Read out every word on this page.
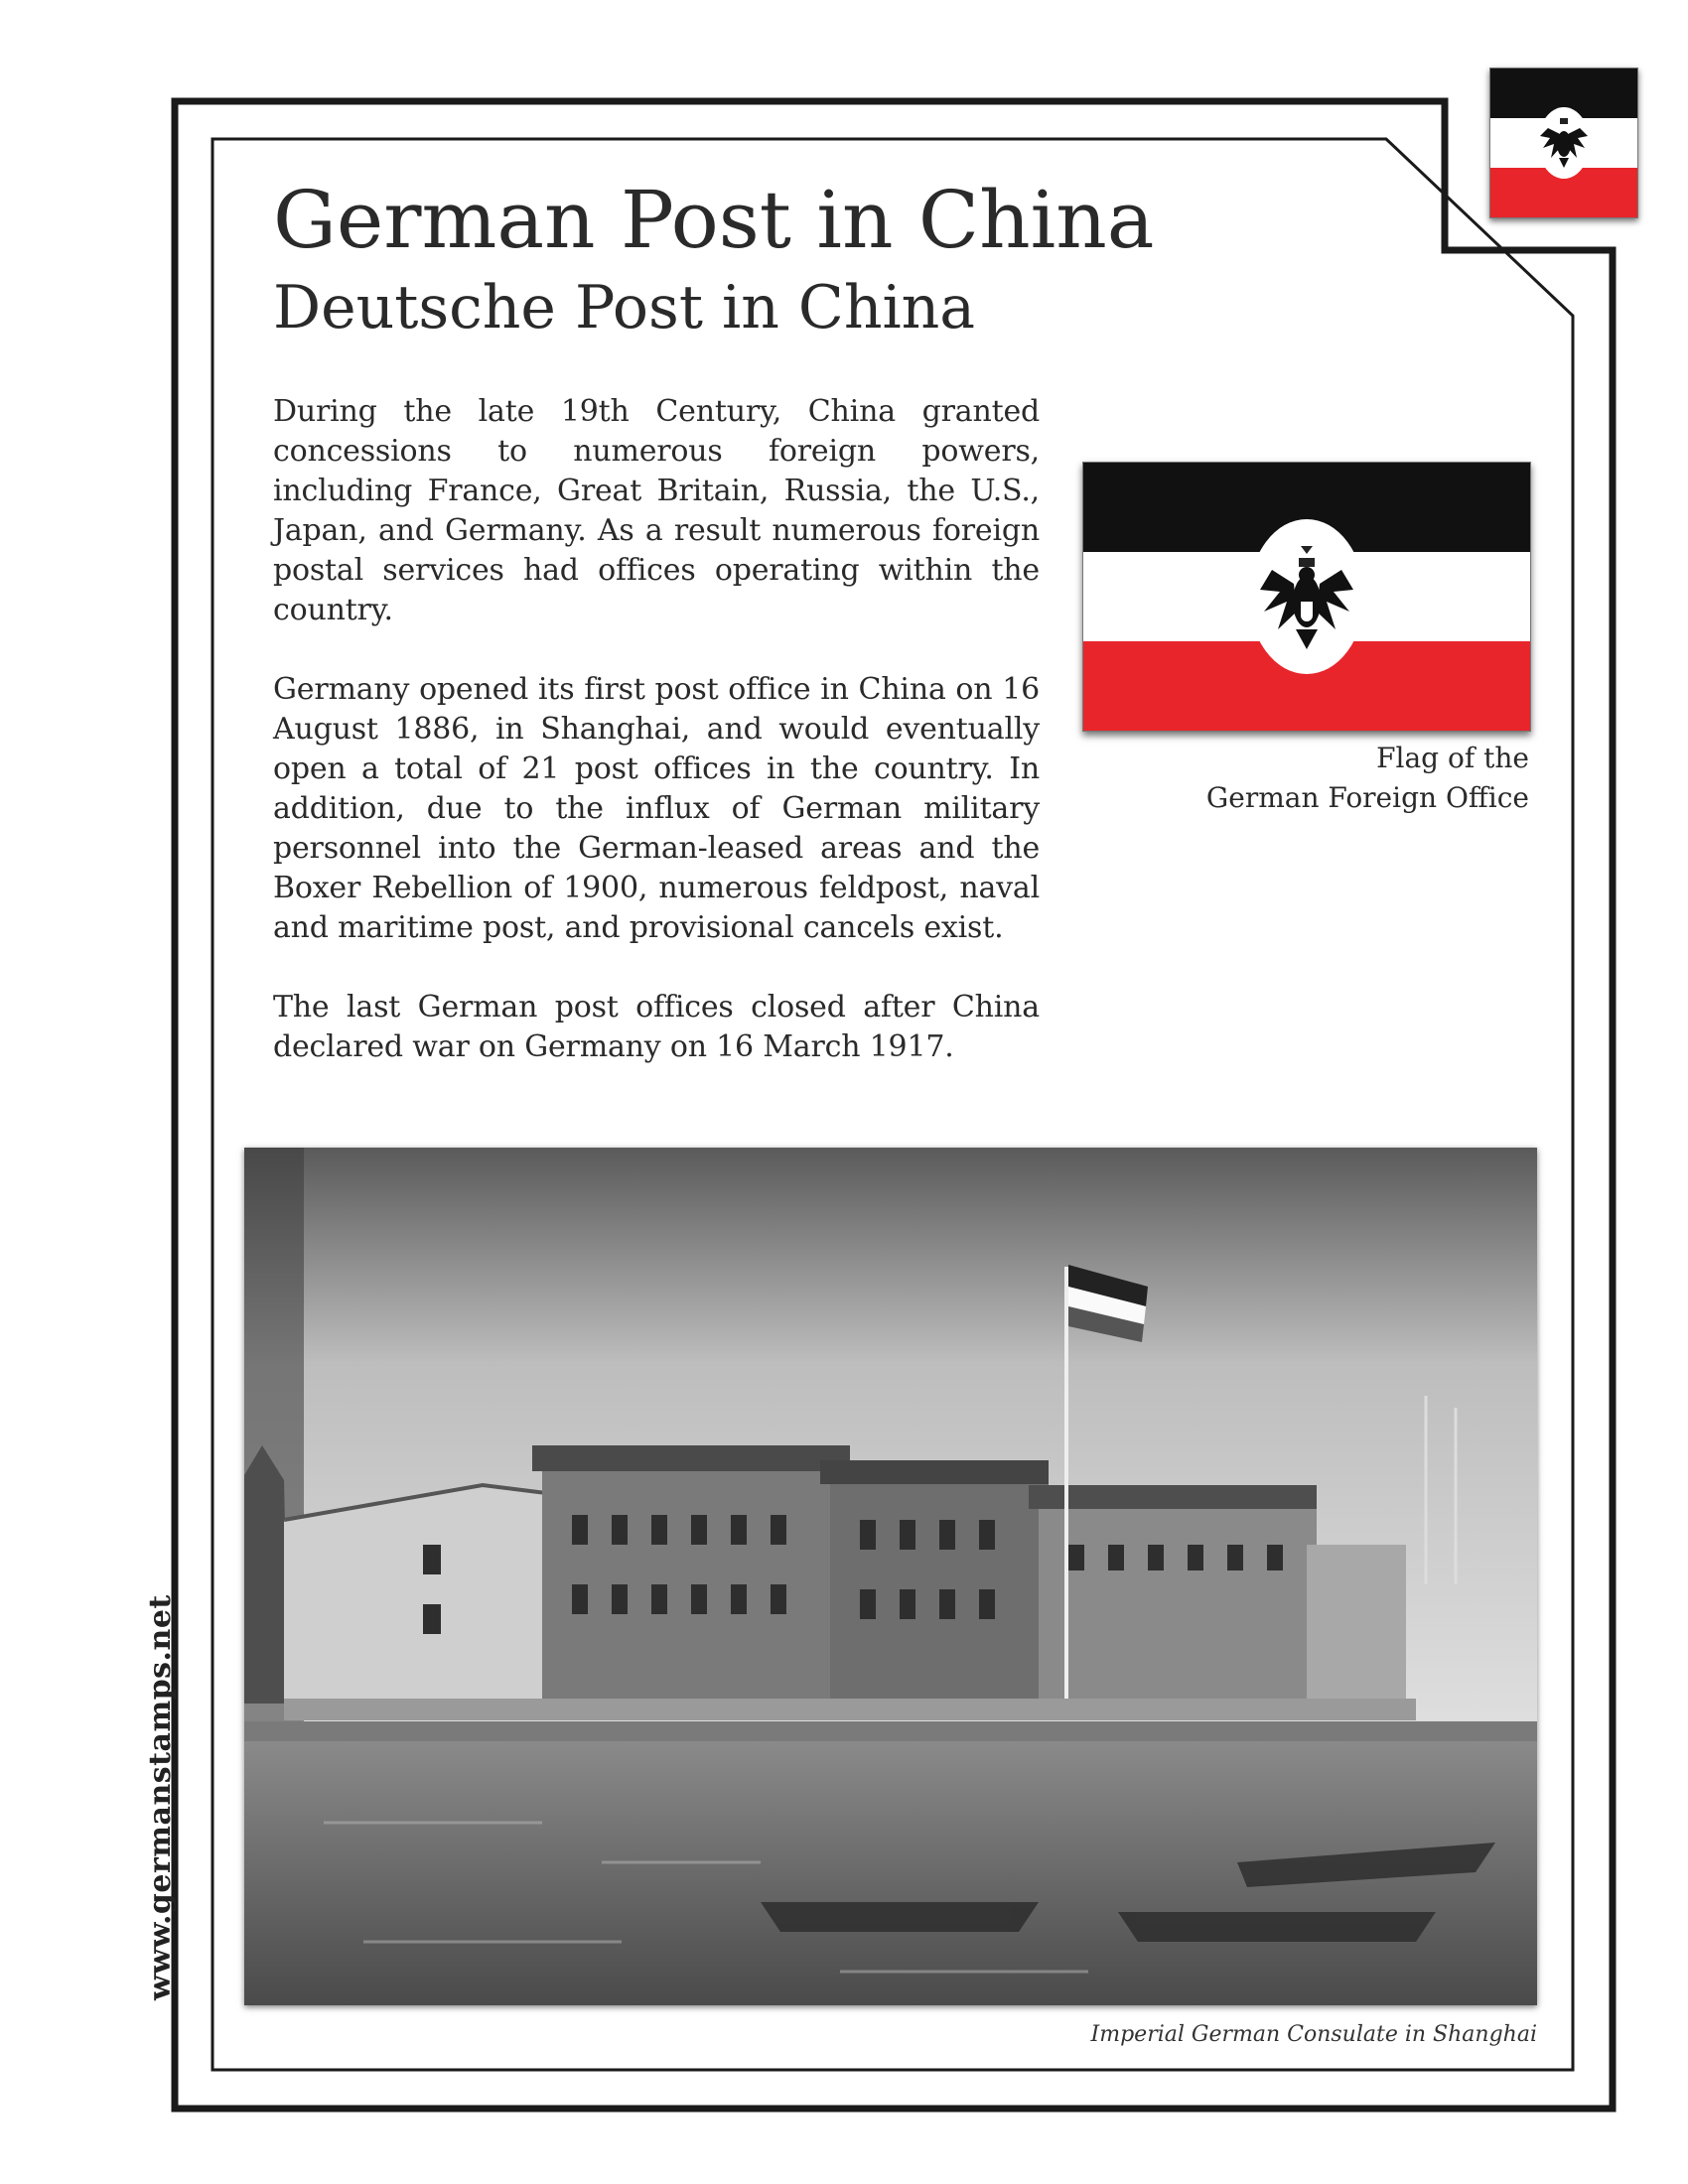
German Post in China
Deutsche Post in China

During the late 19th Century, China granted concessions to numerous foreign powers, including France, Great Britain, Russia, the U.S., Japan, and Germany. As a result numerous foreign postal services had offices operating within the country.

Germany opened its first post office in China on 16 August 1886, in Shanghai, and would eventually open a total of 21 post offices in the country. In addition, due to the influx of German military personnel into the German-leased areas and the Boxer Rebellion of 1900, numerous feldpost, naval and maritime post, and provisional cancels exist.

The last German post offices closed after China declared war on Germany on 16 March 1917.

Flag of the
German Foreign Office
Imperial German Consulate in Shanghai
www.germanstamps.net
